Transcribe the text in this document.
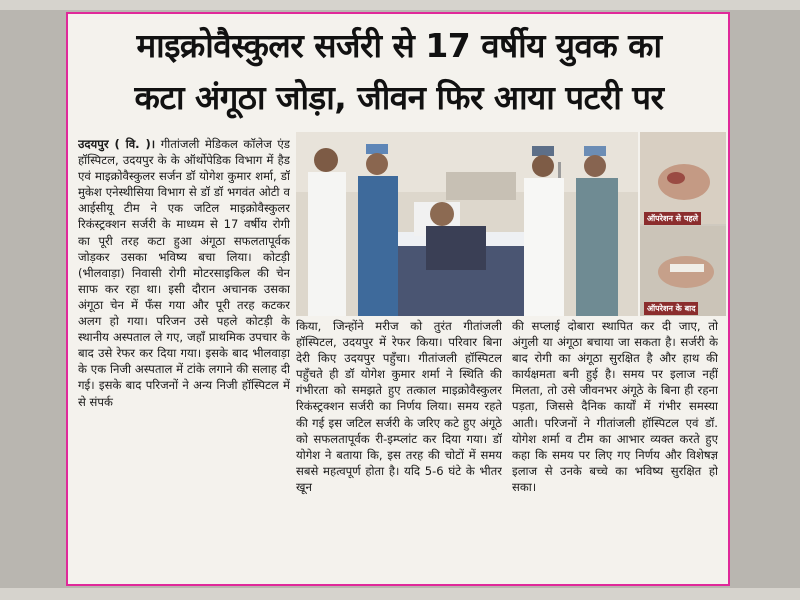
माइक्रोवैस्कुलर सर्जरी से 17 वर्षीय युवक का
कटा अंगूठा जोड़ा, जीवन फिर आया पटरी पर
उदयपुर ( वि. )। गीतांजली मेडिकल कॉलेज एंड हॉस्पिटल, उदयपुर के के ऑर्थोपेडिक विभाग में हैड एवं माइक्रोवैस्कुलर सर्जन डॉ योगेश कुमार शर्मा, डॉ मुकेश एनेस्थीसिया विभाग से डॉ डॉ भगवंत ओटी व आईसीयू टीम ने एक जटिल माइक्रोवैस्कुलर रिकंस्ट्रक्शन सर्जरी के माध्यम से 17 वर्षीय रोगी का पूरी तरह कटा हुआ अंगूठा सफलतापूर्वक जोड़कर उसका भविष्य बचा लिया। कोटड़ी (भीलवाड़ा) निवासी रोगी मोटरसाइकिल की चेन साफ कर रहा था। इसी दौरान अचानक उसका अंगूठा चेन में फँस गया और पूरी तरह कटकर अलग हो गया। परिजन उसे पहले कोटड़ी के स्थानीय अस्पताल ले गए, जहाँ प्राथमिक उपचार के बाद उसे रेफर कर दिया गया। इसके बाद भीलवाड़ा के एक निजी अस्पताल में टांके लगाने की सलाह दी गई। इसके बाद परिजनों ने अन्य निजी हॉस्पिटल में से संपर्क
ऑपरेशन से पहले
ऑपरेशन के बाद
किया, जिन्होंने मरीज को तुरंत गीतांजली हॉस्पिटल, उदयपुर में रेफर किया। परिवार बिना देरी किए उदयपुर पहुँचा। गीतांजली हॉस्पिटल पहुँचते ही डॉ योगेश कुमार शर्मा ने स्थिति की गंभीरता को समझते हुए तत्काल माइक्रोवैस्कुलर रिकंस्ट्रक्शन सर्जरी का निर्णय लिया। समय रहते की गई इस जटिल सर्जरी के जरिए कटे हुए अंगूठे को सफलतापूर्वक री-इम्प्लांट कर दिया गया। डॉ योगेश ने बताया कि, इस तरह की चोटों में समय सबसे महत्वपूर्ण होता है। यदि 5-6 घंटे के भीतर खून
की सप्लाई दोबारा स्थापित कर दी जाए, तो अंगुली या अंगूठा बचाया जा सकता है। सर्जरी के बाद रोगी का अंगूठा सुरक्षित है और हाथ की कार्यक्षमता बनी हुई है। समय पर इलाज नहीं मिलता, तो उसे जीवनभर अंगूठे के बिना ही रहना पड़ता, जिससे दैनिक कार्यों में गंभीर समस्या आती। परिजनों ने गीतांजली हॉस्पिटल एवं डॉ. योगेश शर्मा व टीम का आभार व्यक्त करते हुए कहा कि समय पर लिए गए निर्णय और विशेषज्ञ इलाज से उनके बच्चे का भविष्य सुरक्षित हो सका।
